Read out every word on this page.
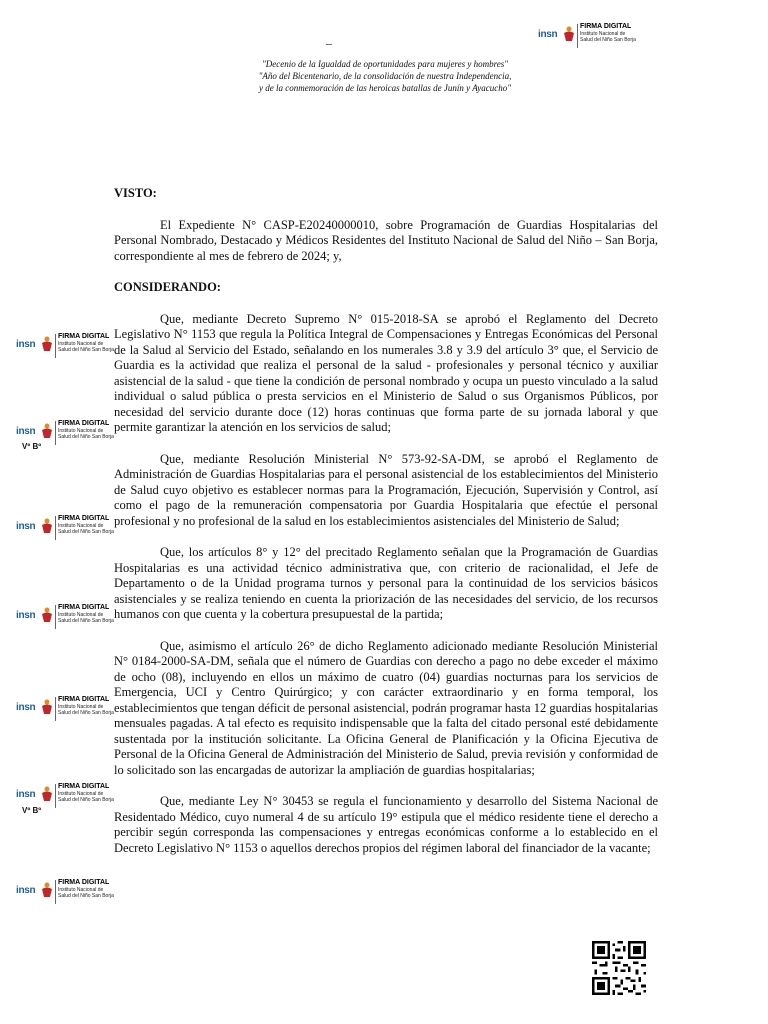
–
"Decenio de la Igualdad de oportunidades para mujeres y hombres"
"Año del Bicentenario, de la consolidación de nuestra Independencia,
y de la conmemoración de las heroicas batallas de Junín y Ayacucho"
insn
FIRMA DIGITAL
Instituto Nacional de Salud del Niño San Borja
insn
FIRMA DIGITAL
Instituto Nacional de Salud del Niño San Borja
insn
FIRMA DIGITAL
Instituto Nacional de Salud del Niño San Borja
Vº Bº
insn
FIRMA DIGITAL
Instituto Nacional de Salud del Niño San Borja
insn
FIRMA DIGITAL
Instituto Nacional de Salud del Niño San Borja
insn
FIRMA DIGITAL
Instituto Nacional de Salud del Niño San Borja
insn
FIRMA DIGITAL
Instituto Nacional de Salud del Niño San Borja
Vº Bº
insn
FIRMA DIGITAL
Instituto Nacional de Salud del Niño San Borja
VISTO:

El Expediente N° CASP-E20240000010, sobre Programación de Guardias Hospitalarias del Personal Nombrado, Destacado y Médicos Residentes del Instituto Nacional de Salud del Niño – San Borja, correspondiente al mes de febrero de 2024; y,

CONSIDERANDO:

Que, mediante Decreto Supremo N° 015-2018-SA se aprobó el Reglamento del Decreto Legislativo N° 1153 que regula la Política Integral de Compensaciones y Entregas Económicas del Personal de la Salud al Servicio del Estado, señalando en los numerales 3.8 y 3.9 del artículo 3° que, el Servicio de Guardia es la actividad que realiza el personal de la salud - profesionales y personal técnico y auxiliar asistencial de la salud - que tiene la condición de personal nombrado y ocupa un puesto vinculado a la salud individual o salud pública o presta servicios en el Ministerio de Salud o sus Organismos Públicos, por necesidad del servicio durante doce (12) horas continuas que forma parte de su jornada laboral y que permite garantizar la atención en los servicios de salud;

Que, mediante Resolución Ministerial N° 573-92-SA-DM, se aprobó el Reglamento de Administración de Guardias Hospitalarias para el personal asistencial de los establecimientos del Ministerio de Salud cuyo objetivo es establecer normas para la Programación, Ejecución, Supervisión y Control, así como el pago de la remuneración compensatoria por Guardia Hospitalaria que efectúe el personal profesional y no profesional de la salud en los establecimientos asistenciales del Ministerio de Salud;

Que, los artículos 8° y 12° del precitado Reglamento señalan que la Programación de Guardias Hospitalarias es una actividad técnico administrativa que, con criterio de racionalidad, el Jefe de Departamento o de la Unidad programa turnos y personal para la continuidad de los servicios básicos asistenciales y se realiza teniendo en cuenta la priorización de las necesidades del servicio, de los recursos humanos con que cuenta y la cobertura presupuestal de la partida;

Que, asimismo el artículo 26° de dicho Reglamento adicionado mediante Resolución Ministerial N° 0184-2000-SA-DM, señala que el número de Guardias con derecho a pago no debe exceder el máximo de ocho (08), incluyendo en ellos un máximo de cuatro (04) guardias nocturnas para los servicios de Emergencia, UCI y Centro Quirúrgico; y con carácter extraordinario y en forma temporal, los establecimientos que tengan déficit de personal asistencial, podrán programar hasta 12 guardias hospitalarias mensuales pagadas. A tal efecto es requisito indispensable que la falta del citado personal esté debidamente sustentada por la institución solicitante. La Oficina General de Planificación y la Oficina Ejecutiva de Personal de la Oficina General de Administración del Ministerio de Salud, previa revisión y conformidad de lo solicitado son las encargadas de autorizar la ampliación de guardias hospitalarias;

Que, mediante Ley N° 30453 se regula el funcionamiento y desarrollo del Sistema Nacional de Residentado Médico, cuyo numeral 4 de su artículo 19° estipula que el médico residente tiene el derecho a percibir según corresponda las compensaciones y entregas económicas conforme a lo establecido en el Decreto Legislativo N° 1153 o aquellos derechos propios del régimen laboral del financiador de la vacante;
